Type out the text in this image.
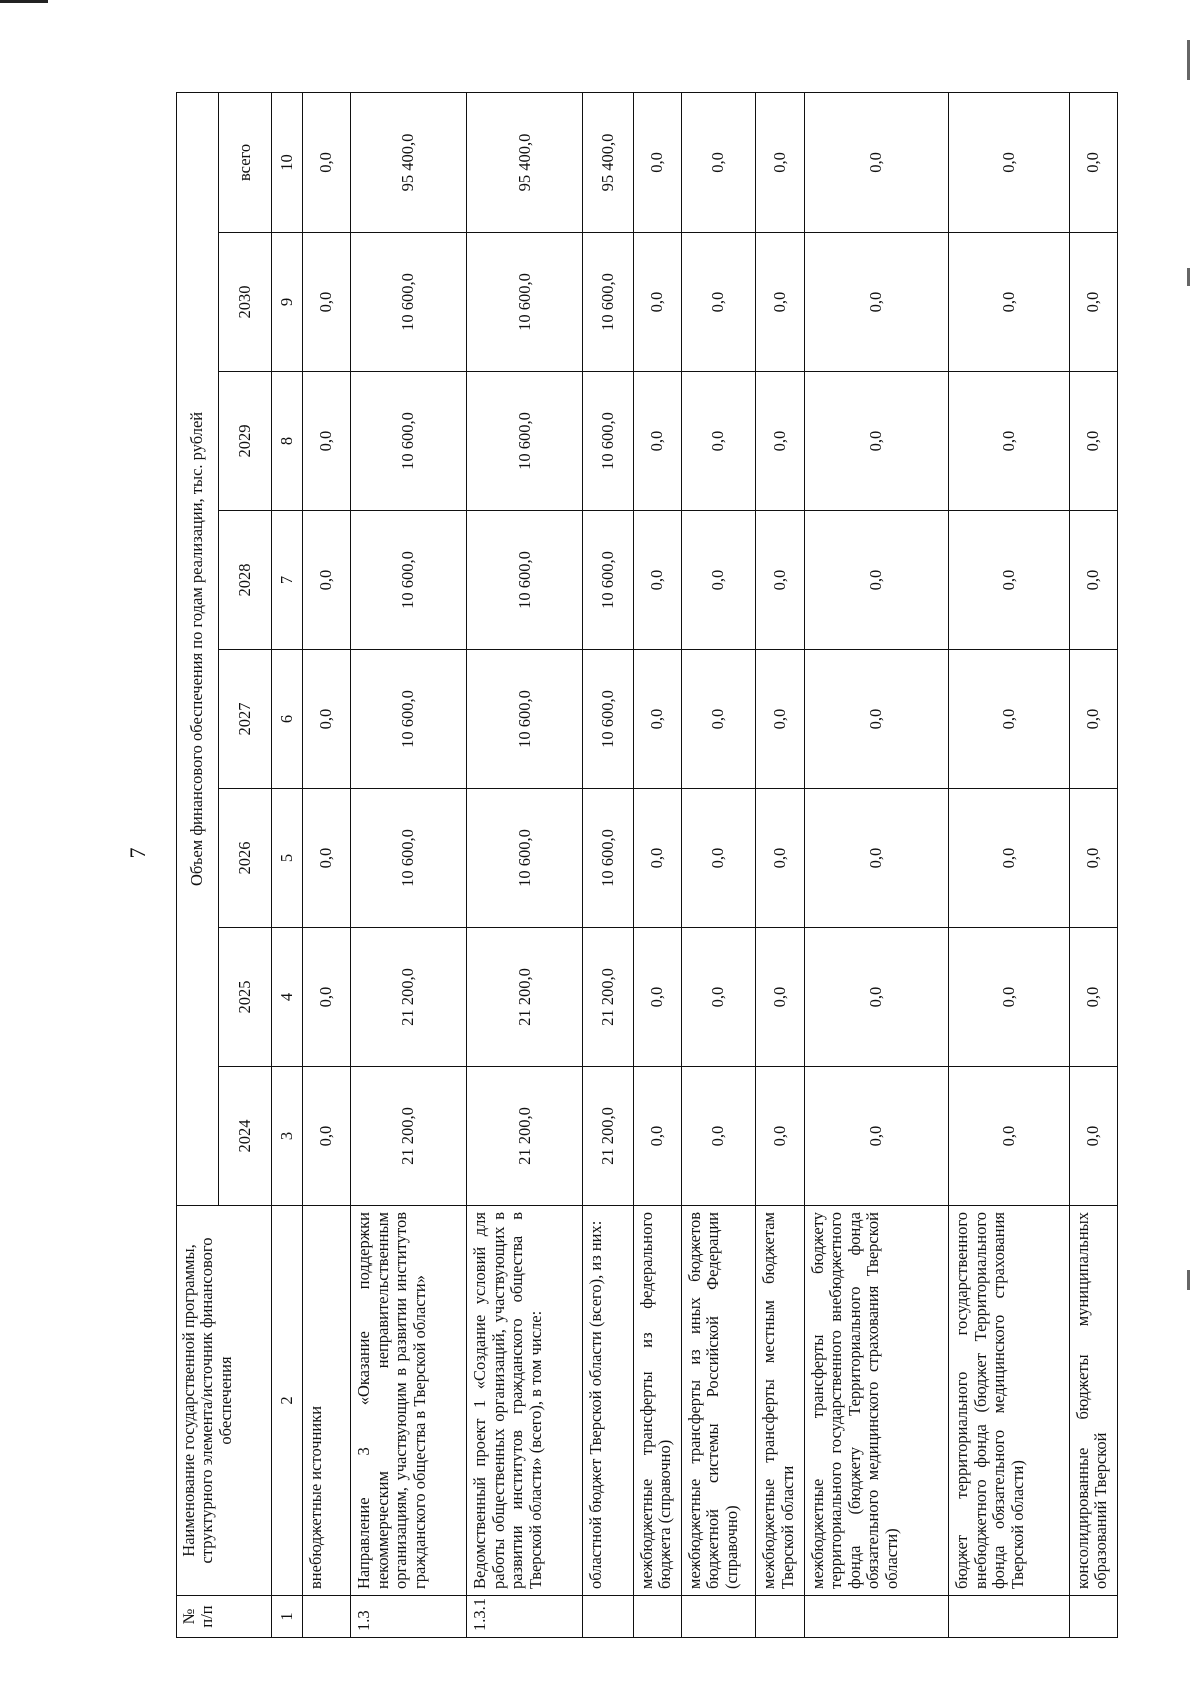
7
№ п/п	Наименование государственной программы, структурного элемента/источник финансового обеспечения	Объем финансового обеспечения по годам реализации, тыс. рублей							
		2024	2025	2026	2027	2028	2029	2030	всего
1	2	3	4	5	6	7	8	9	10
	внебюджетные источники	0,0	0,0	0,0	0,0	0,0	0,0	0,0	0,0
1.3	Направление 3 «Оказание поддержки некоммерческим неправительственным организациям, участвующим в развитии институтов гражданского общества в Тверской области»	21 200,0	21 200,0	10 600,0	10 600,0	10 600,0	10 600,0	10 600,0	95 400,0
1.3.1	Ведомственный проект 1 «Создание условий для работы общественных организаций, участвующих в развитии институтов гражданского общества в Тверской области» (всего), в том числе:	21 200,0	21 200,0	10 600,0	10 600,0	10 600,0	10 600,0	10 600,0	95 400,0
	областной бюджет Тверской области (всего), из них:	21 200,0	21 200,0	10 600,0	10 600,0	10 600,0	10 600,0	10 600,0	95 400,0
	межбюджетные трансферты из федерального бюджета (справочно)	0,0	0,0	0,0	0,0	0,0	0,0	0,0	0,0
	межбюджетные трансферты из иных бюджетов бюджетной системы Российской Федерации (справочно)	0,0	0,0	0,0	0,0	0,0	0,0	0,0	0,0
	межбюджетные трансферты местным бюджетам Тверской области	0,0	0,0	0,0	0,0	0,0	0,0	0,0	0,0
	межбюджетные трансферты бюджету территориального государственного внебюджетного фонда (бюджету Территориального фонда обязательного медицинского страхования Тверской области)	0,0	0,0	0,0	0,0	0,0	0,0	0,0	0,0
	бюджет территориального государственного внебюджетного фонда (бюджет Территориального фонда обязательного медицинского страхования Тверской области)	0,0	0,0	0,0	0,0	0,0	0,0	0,0	0,0
	консолидированные бюджеты муниципальных образований Тверской	0,0	0,0	0,0	0,0	0,0	0,0	0,0	0,0
